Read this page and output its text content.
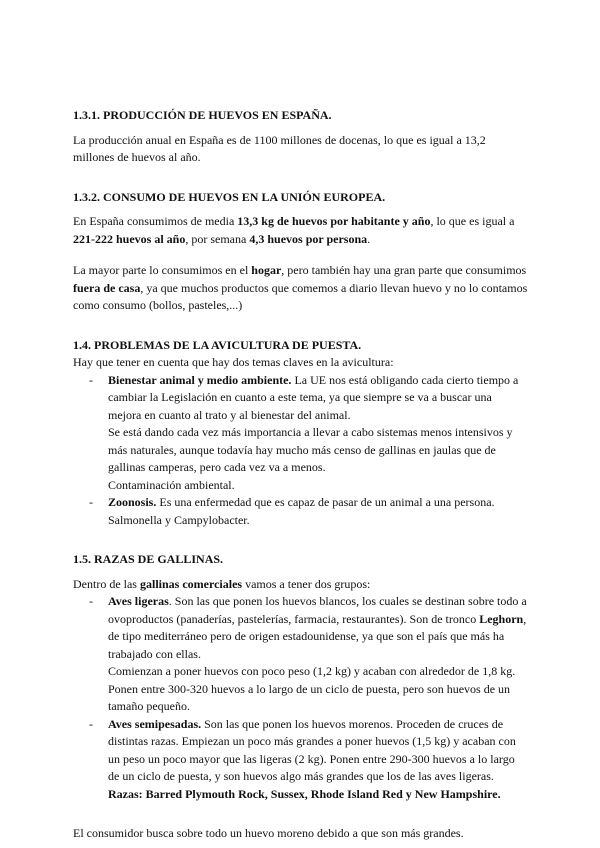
1.3.1. PRODUCCIÓN DE HUEVOS EN ESPAÑA.

La producción anual en España es de 1100 millones de docenas, lo que es igual a 13,2 millones de huevos al año.

1.3.2. CONSUMO DE HUEVOS EN LA UNIÓN EUROPEA.

En España consumimos de media 13,3 kg de huevos por habitante y año, lo que es igual a 221-222 huevos al año, por semana 4,3 huevos por persona.

La mayor parte lo consumimos en el hogar, pero también hay una gran parte que consumimos fuera de casa, ya que muchos productos que comemos a diario llevan huevo y no lo contamos como consumo (bollos, pasteles,...)

1.4. PROBLEMAS DE LA AVICULTURA DE PUESTA.

Hay que tener en cuenta que hay dos temas claves en la avicultura:

- Bienestar animal y medio ambiente. La UE nos está obligando cada cierto tiempo a cambiar la Legislación en cuanto a este tema, ya que siempre se va a buscar una mejora en cuanto al trato y al bienestar del animal.

Se está dando cada vez más importancia a llevar a cabo sistemas menos intensivos y más naturales, aunque todavía hay mucho más censo de gallinas en jaulas que de gallinas camperas, pero cada vez va a menos.

Contaminación ambiental.

- Zoonosis. Es una enfermedad que es capaz de pasar de un animal a una persona. Salmonella y Campylobacter.

1.5. RAZAS DE GALLINAS.

Dentro de las gallinas comerciales vamos a tener dos grupos:

- Aves ligeras. Son las que ponen los huevos blancos, los cuales se destinan sobre todo a ovoproductos (panaderías, pastelerías, farmacia, restaurantes). Son de tronco Leghorn, de tipo mediterráneo pero de origen estadounidense, ya que son el país que más ha trabajado con ellas.

Comienzan a poner huevos con poco peso (1,2 kg) y acaban con alrededor de 1,8 kg. Ponen entre 300-320 huevos a lo largo de un ciclo de puesta, pero son huevos de un tamaño pequeño.

- Aves semipesadas. Son las que ponen los huevos morenos. Proceden de cruces de distintas razas. Empiezan un poco más grandes a poner huevos (1,5 kg) y acaban con un peso un poco mayor que las ligeras (2 kg). Ponen entre 290-300 huevos a lo largo de un ciclo de puesta, y son huevos algo más grandes que los de las aves ligeras.

Razas: Barred Plymouth Rock, Sussex, Rhode Island Red y New Hampshire.

El consumidor busca sobre todo un huevo moreno debido a que son más grandes.
